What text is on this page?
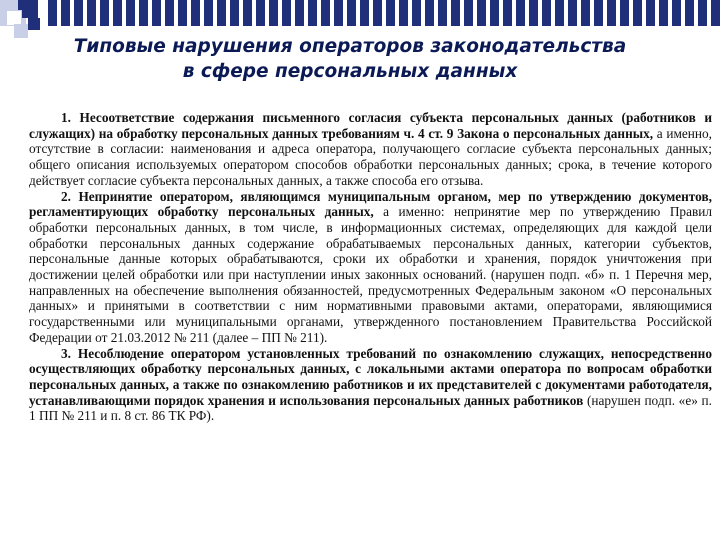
Типовые нарушения операторов законодательства
в сфере персональных данных

1. Несоответствие содержания письменного согласия субъекта персональных данных (работников и служащих) на обработку персональных данных требованиям ч. 4 ст. 9 Закона о персональных данных, а именно, отсутствие в согласии: наименования и адреса оператора, получающего согласие субъекта персональных данных; общего описания используемых оператором способов обработки персональных данных; срока, в течение которого действует согласие субъекта персональных данных, а также способа его отзыва.

2. Непринятие оператором, являющимся муниципальным органом, мер по утверждению документов, регламентирующих обработку персональных данных, а именно: непринятие мер по утверждению Правил обработки персональных данных, в том числе, в информационных системах, определяющих для каждой цели обработки персональных данных содержание обрабатываемых персональных данных, категории субъектов, персональные данные которых обрабатываются, сроки их обработки и хранения, порядок уничтожения при достижении целей обработки или при наступлении иных законных оснований. (нарушен подп. «б» п. 1 Перечня мер, направленных на обеспечение выполнения обязанностей, предусмотренных Федеральным законом «О персональных данных» и принятыми в соответствии с ним нормативными правовыми актами, операторами, являющимися государственными или муниципальными органами, утвержденного постановлением Правительства Российской Федерации от 21.03.2012 № 211 (далее – ПП № 211).

3. Несоблюдение оператором установленных требований по ознакомлению служащих, непосредственно осуществляющих обработку персональных данных, с локальными актами оператора по вопросам обработки персональных данных, а также по ознакомлению работников и их представителей с документами работодателя, устанавливающими порядок хранения и использования персональных данных работников (нарушен подп. «е» п. 1 ПП № 211 и п. 8 ст. 86 ТК РФ).
